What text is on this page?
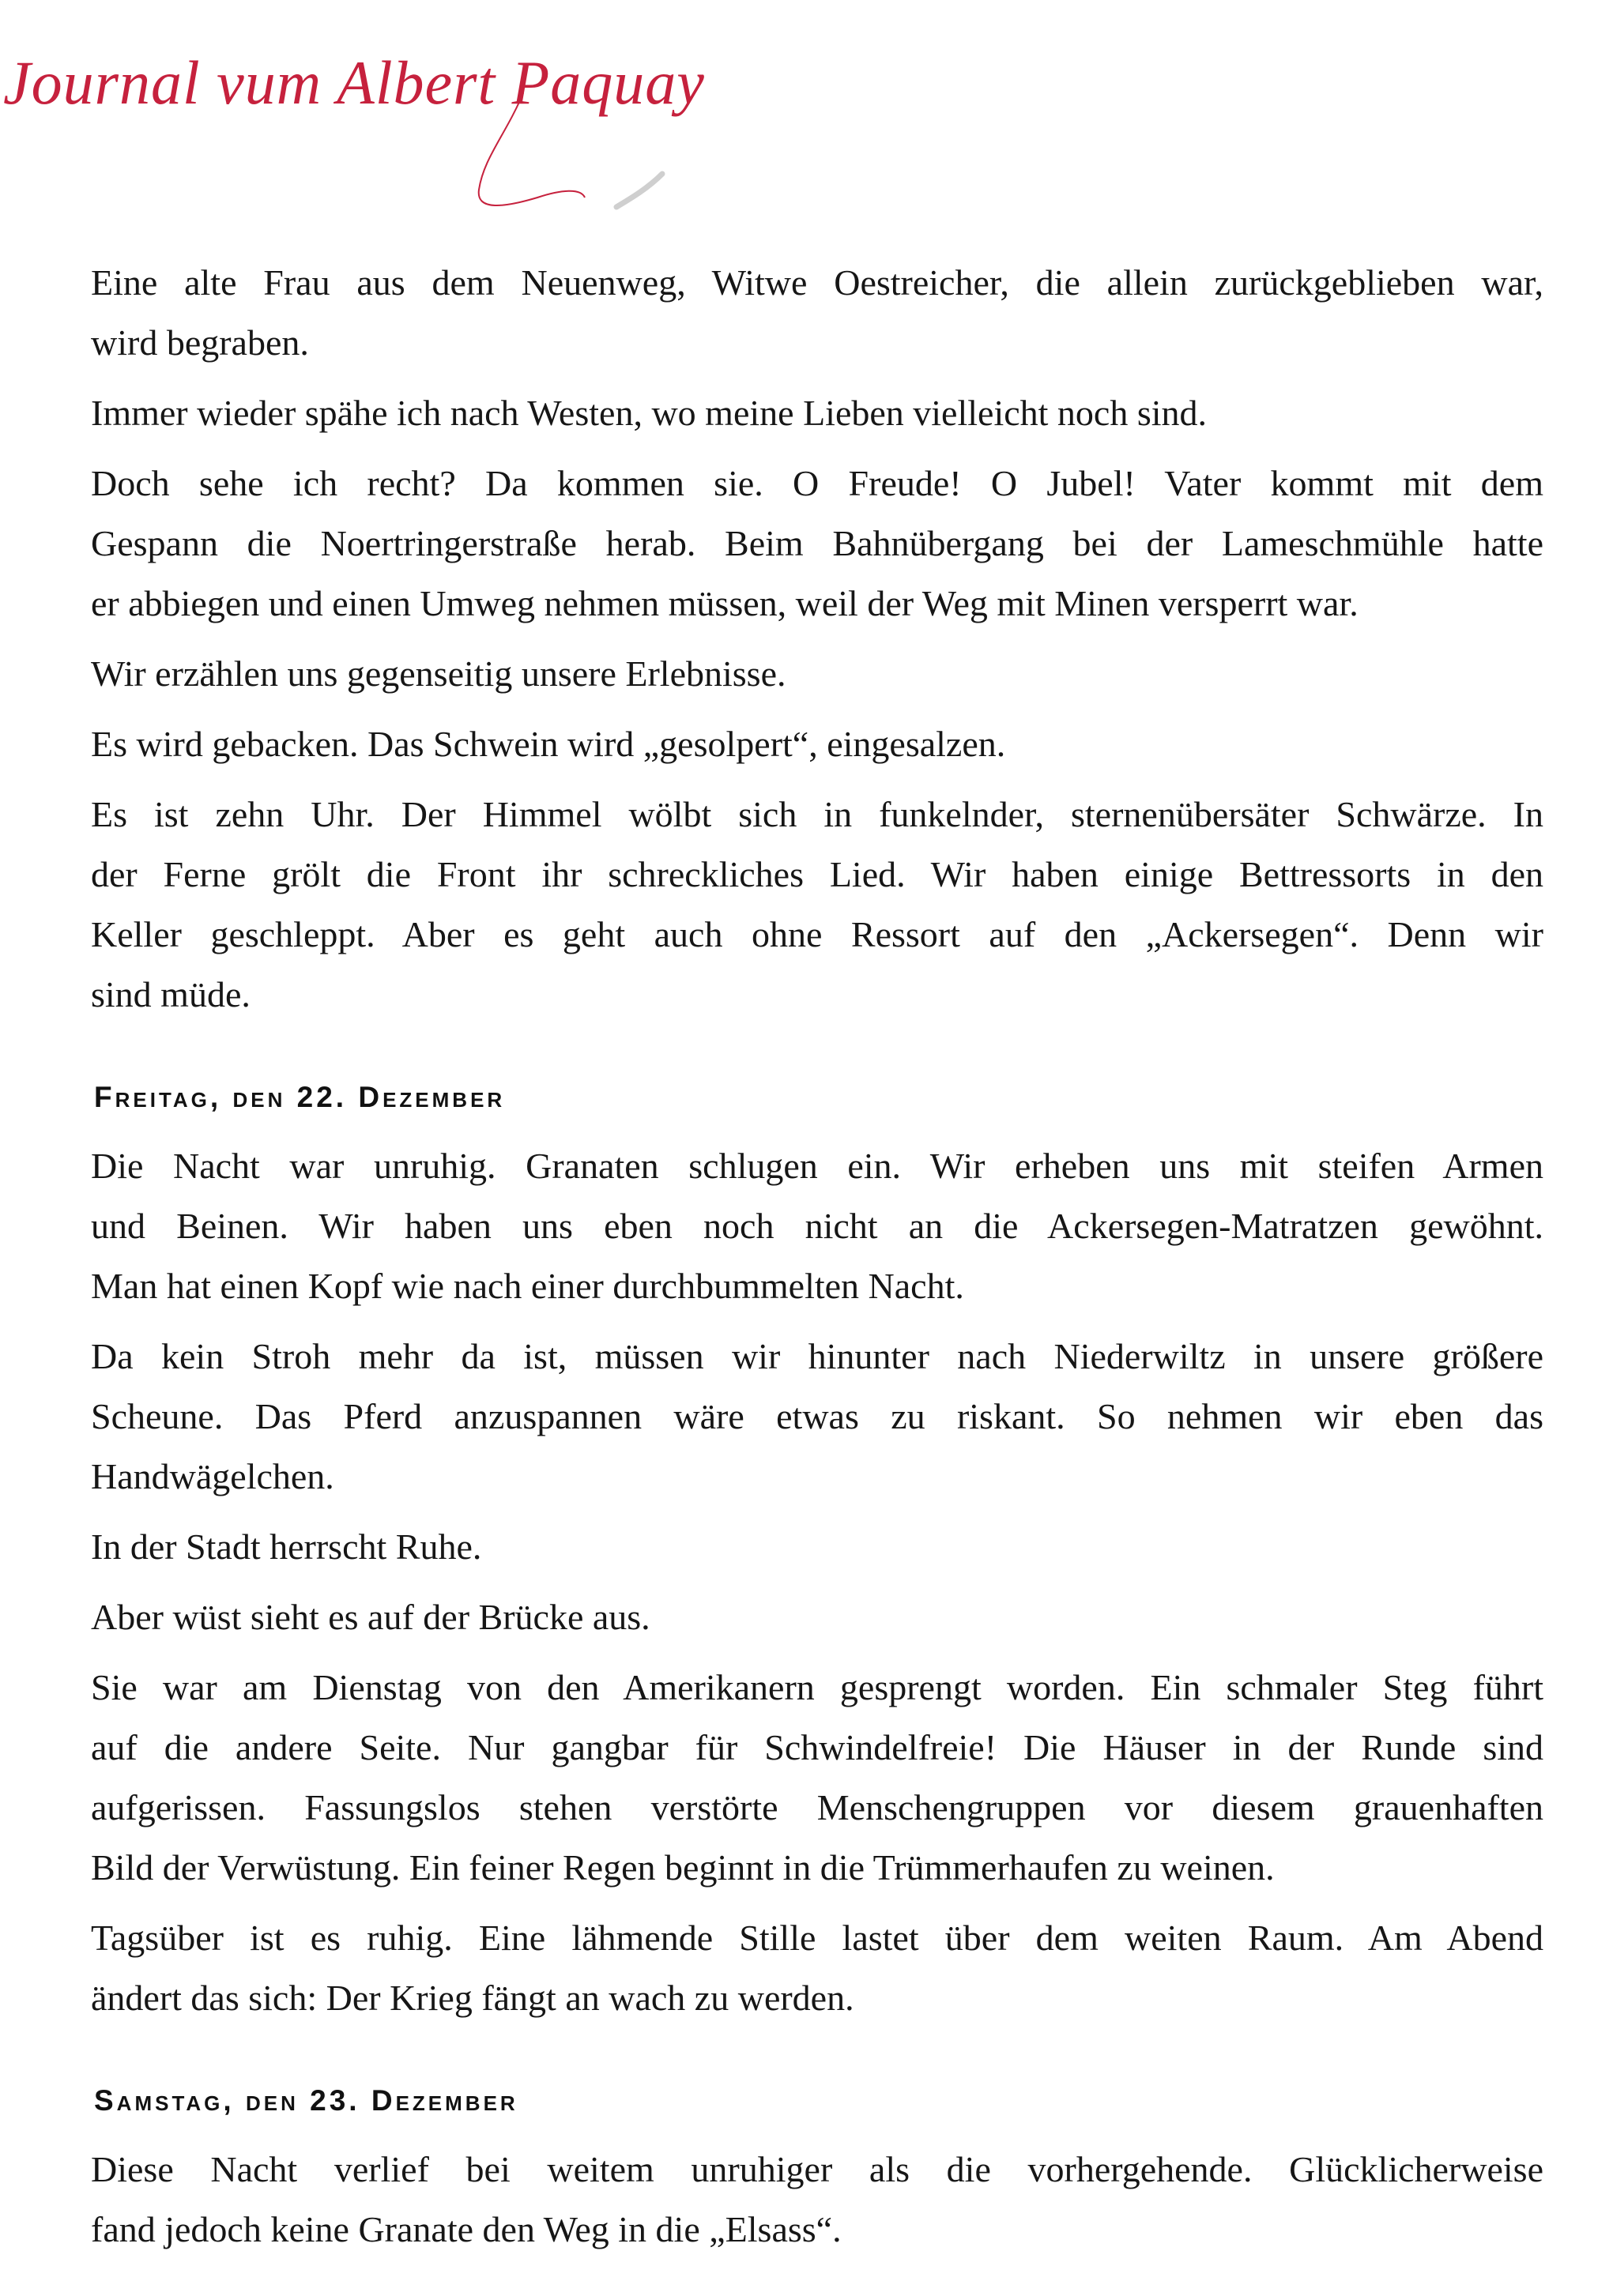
Journal vum Albert Paquay
Eine alte Frau aus dem Neuenweg, Witwe Oestreicher, die allein zurückgeblieben war,
wird begraben.
Immer wieder spähe ich nach Westen, wo meine Lieben vielleicht noch sind.
Doch sehe ich recht? Da kommen sie. O Freude! O Jubel! Vater kommt mit dem
Gespann die Noertringerstraße herab. Beim Bahnübergang bei der Lameschmühle hatte
er abbiegen und einen Umweg nehmen müssen, weil der Weg mit Minen versperrt war.
Wir erzählen uns gegenseitig unsere Erlebnisse.
Es wird gebacken. Das Schwein wird „gesolpert“, eingesalzen.
Es ist zehn Uhr. Der Himmel wölbt sich in funkelnder, sternenübersäter Schwärze. In
der Ferne grölt die Front ihr schreckliches Lied. Wir haben einige Bettressorts in den
Keller geschleppt. Aber es geht auch ohne Ressort auf den „Ackersegen“. Denn wir
sind müde.
Freitag, den 22. Dezember
Die Nacht war unruhig. Granaten schlugen ein. Wir erheben uns mit steifen Armen
und Beinen. Wir haben uns eben noch nicht an die Ackersegen-Matratzen gewöhnt.
Man hat einen Kopf wie nach einer durchbummelten Nacht.
Da kein Stroh mehr da ist, müssen wir hinunter nach Niederwiltz in unsere größere
Scheune. Das Pferd anzuspannen wäre etwas zu riskant. So nehmen wir eben das
Handwägelchen.
In der Stadt herrscht Ruhe.
Aber wüst sieht es auf der Brücke aus.
Sie war am Dienstag von den Amerikanern gesprengt worden. Ein schmaler Steg führt
auf die andere Seite. Nur gangbar für Schwindelfreie! Die Häuser in der Runde sind
aufgerissen. Fassungslos stehen verstörte Menschengruppen vor diesem grauenhaften
Bild der Verwüstung. Ein feiner Regen beginnt in die Trümmerhaufen zu weinen.
Tagsüber ist es ruhig. Eine lähmende Stille lastet über dem weiten Raum. Am Abend
ändert das sich: Der Krieg fängt an wach zu werden.
Samstag, den 23. Dezember
Diese Nacht verlief bei weitem unruhiger als die vorhergehende. Glücklicherweise
fand jedoch keine Granate den Weg in die „Elsass“.
